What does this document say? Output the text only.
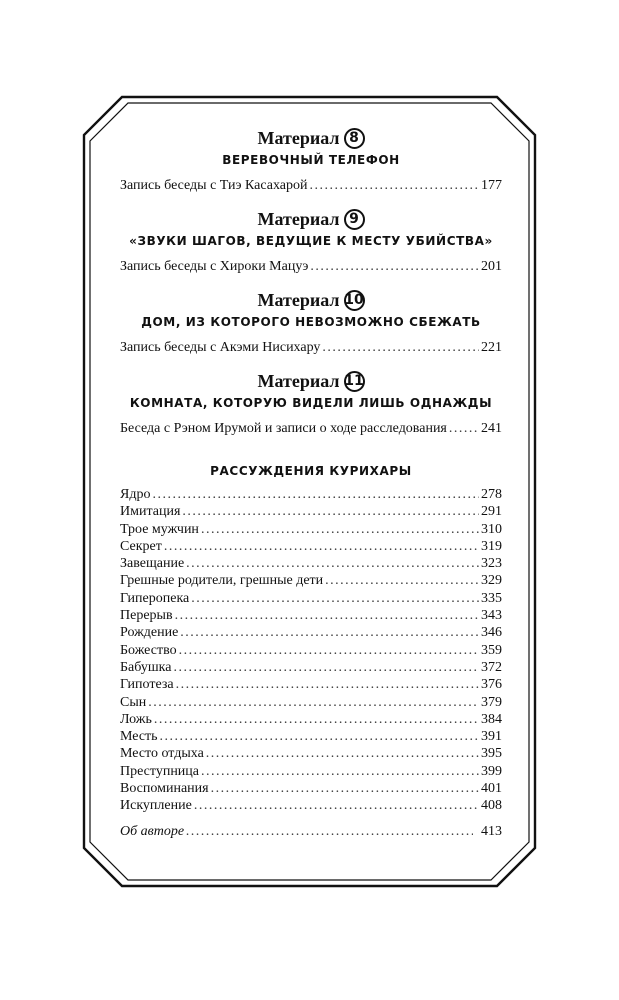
Материал 8
ВЕРЕВОЧНЫЙ ТЕЛЕФОН
Запись беседы с Тиэ Касахарой . . .	177
Материал 9
«ЗВУКИ ШАГОВ, ВЕДУЩИЕ К МЕСТУ УБИЙСТВА»
Запись беседы с Хироки Мацуэ . . .	201
Материал 10
ДОМ, ИЗ КОТОРОГО НЕВОЗМОЖНО СБЕЖАТЬ
Запись беседы с Акэми Нисихару . . .	221
Материал 11
КОМНАТА, КОТОРУЮ ВИДЕЛИ ЛИШЬ ОДНАЖДЫ
Беседа с Рэном Ирумой и записи о ходе расследования . . . 241
РАССУЖДЕНИЯ КУРИХАРЫ
Ядро . . .	278
Имитация . . .	291
Трое мужчин . . .	310
Секрет . . .	319
Завещание . . .	323
Грешные родители, грешные дети . . .	329
Гиперопека . . .	335
Перерыв . . .	343
Рождение . . .	346
Божество . . .	359
Бабушка . . .	372
Гипотеза . . .	376
Сын . . .	379
Ложь . . .	384
Месть . . .	391
Место отдыха . . .	395
Преступница . . .	399
Воспоминания . . .	401
Искупление . . .	408
Об авторе . . .	413
